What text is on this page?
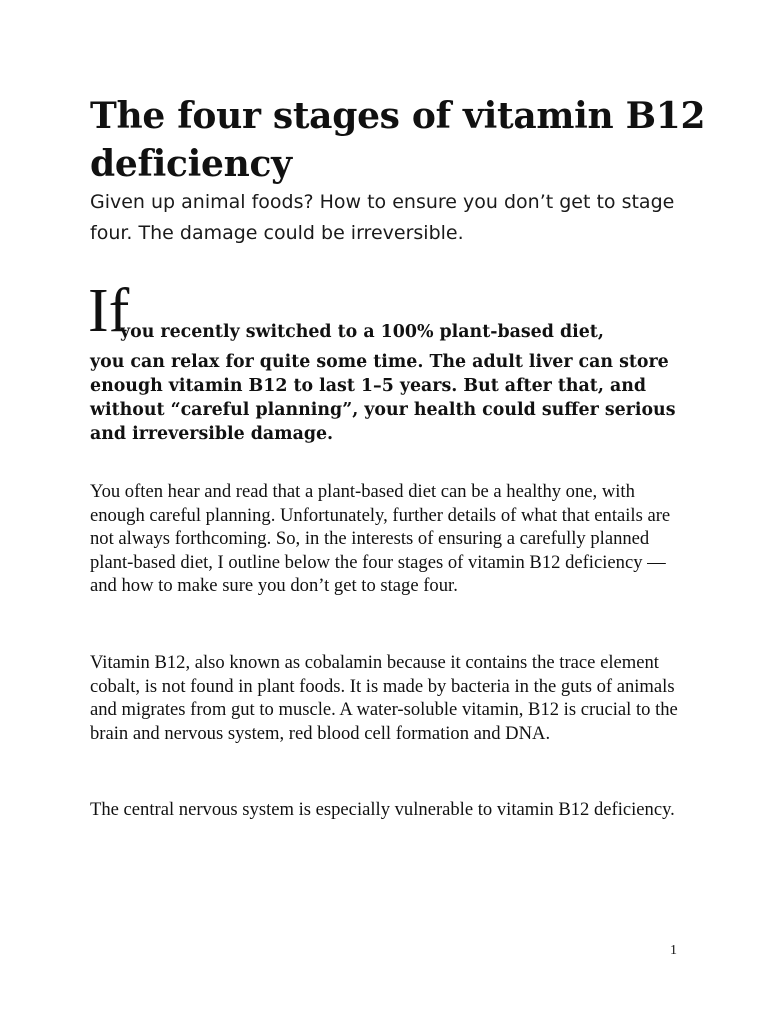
The four stages of vitamin B12 deficiency

Given up animal foods? How to ensure you don’t get to stage four. The damage could be irreversible.

If
you recently switched to a 100% plant-based diet,
you can relax for quite some time. The adult liver can store enough vitamin B12 to last 1–5 years. But after that, and without “careful planning”, your health could suffer serious and irreversible damage.

You often hear and read that a plant-based diet can be a healthy one, with enough careful planning. Unfortunately, further details of what that entails are not always forthcoming. So, in the interests of ensuring a carefully planned plant-based diet, I outline below the four stages of vitamin B12 deficiency — and how to make sure you don’t get to stage four.

Vitamin B12, also known as cobalamin because it contains the trace element cobalt, is not found in plant foods. It is made by bacteria in the guts of animals and migrates from gut to muscle. A water-soluble vitamin, B12 is crucial to the brain and nervous system, red blood cell formation and DNA.

The central nervous system is especially vulnerable to vitamin B12 deficiency.

1
